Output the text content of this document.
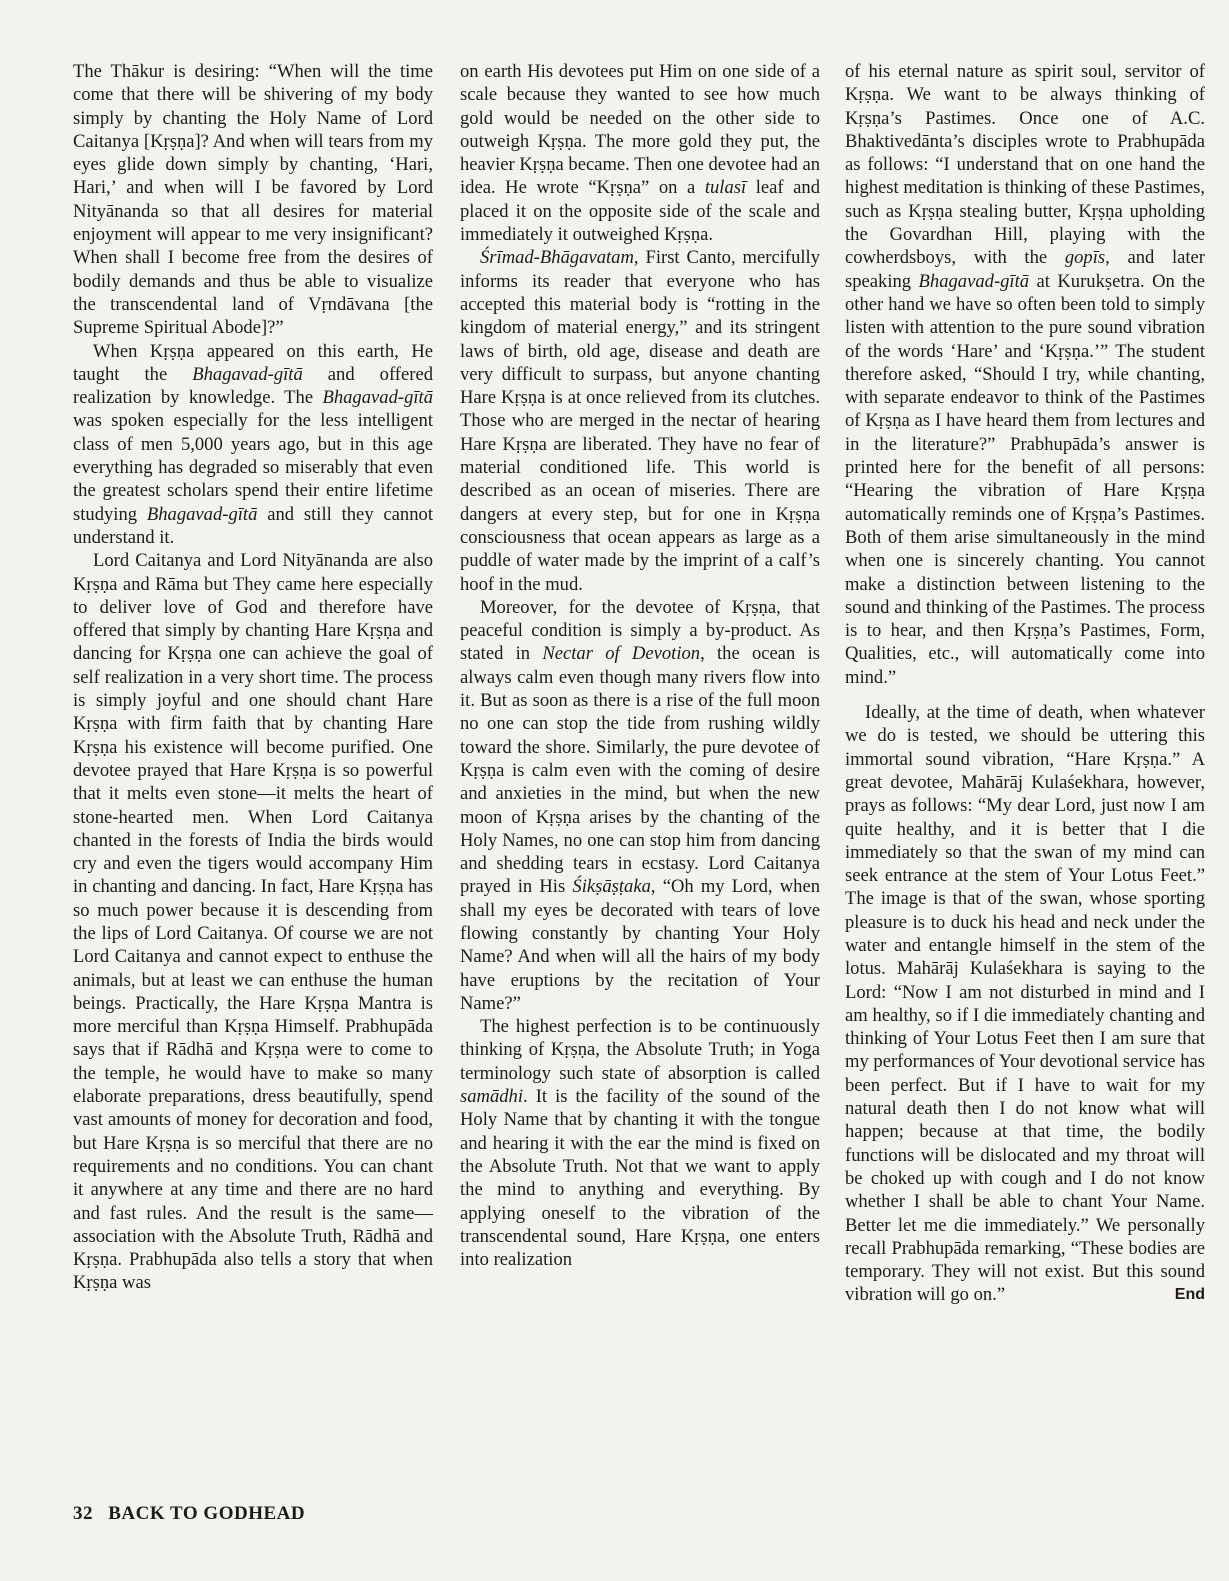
The Thākur is desiring: “When will the time come that there will be shivering of my body simply by chanting the Holy Name of Lord Caitanya [Kṛṣṇa]? And when will tears from my eyes glide down simply by chanting, ‘Hari, Hari,’ and when will I be favored by Lord Nityānanda so that all desires for material enjoyment will appear to me very insignificant? When shall I become free from the desires of bodily demands and thus be able to visualize the transcendental land of Vṛndāvana [the Supreme Spiritual Abode]?”

When Kṛṣṇa appeared on this earth, He taught the Bhagavad-gītā and offered realization by knowledge. The Bhagavad-gītā was spoken especially for the less intelligent class of men 5,000 years ago, but in this age everything has degraded so miserably that even the greatest scholars spend their entire lifetime studying Bhagavad-gītā and still they cannot understand it.

Lord Caitanya and Lord Nityānanda are also Kṛṣṇa and Rāma but They came here especially to deliver love of God and therefore have offered that simply by chanting Hare Kṛṣṇa and dancing for Kṛṣṇa one can achieve the goal of self realization in a very short time. The process is simply joyful and one should chant Hare Kṛṣṇa with firm faith that by chanting Hare Kṛṣṇa his existence will become purified. One devotee prayed that Hare Kṛṣṇa is so powerful that it melts even stone—it melts the heart of stone-hearted men. When Lord Caitanya chanted in the forests of India the birds would cry and even the tigers would accompany Him in chanting and dancing. In fact, Hare Kṛṣṇa has so much power because it is descending from the lips of Lord Caitanya. Of course we are not Lord Caitanya and cannot expect to enthuse the animals, but at least we can enthuse the human beings. Practically, the Hare Kṛṣṇa Mantra is more merciful than Kṛṣṇa Himself. Prabhupāda says that if Rādhā and Kṛṣṇa were to come to the temple, he would have to make so many elaborate preparations, dress beautifully, spend vast amounts of money for decoration and food, but Hare Kṛṣṇa is so merciful that there are no requirements and no conditions. You can chant it anywhere at any time and there are no hard and fast rules. And the result is the same—association with the Absolute Truth, Rādhā and Kṛṣṇa. Prabhupāda also tells a story that when Kṛṣṇa was

on earth His devotees put Him on one side of a scale because they wanted to see how much gold would be needed on the other side to outweigh Kṛṣṇa. The more gold they put, the heavier Kṛṣṇa became. Then one devotee had an idea. He wrote “Kṛṣṇa” on a tulasī leaf and placed it on the opposite side of the scale and immediately it outweighed Kṛṣṇa.

Śrīmad-Bhāgavatam, First Canto, mercifully informs its reader that everyone who has accepted this material body is “rotting in the kingdom of material energy,” and its stringent laws of birth, old age, disease and death are very difficult to surpass, but anyone chanting Hare Kṛṣṇa is at once relieved from its clutches. Those who are merged in the nectar of hearing Hare Kṛṣṇa are liberated. They have no fear of material conditioned life. This world is described as an ocean of miseries. There are dangers at every step, but for one in Kṛṣṇa consciousness that ocean appears as large as a puddle of water made by the imprint of a calf’s hoof in the mud.

Moreover, for the devotee of Kṛṣṇa, that peaceful condition is simply a by-product. As stated in Nectar of Devotion, the ocean is always calm even though many rivers flow into it. But as soon as there is a rise of the full moon no one can stop the tide from rushing wildly toward the shore. Similarly, the pure devotee of Kṛṣṇa is calm even with the coming of desire and anxieties in the mind, but when the new moon of Kṛṣṇa arises by the chanting of the Holy Names, no one can stop him from dancing and shedding tears in ecstasy. Lord Caitanya prayed in His Śikṣāṣṭaka, “Oh my Lord, when shall my eyes be decorated with tears of love flowing constantly by chanting Your Holy Name? And when will all the hairs of my body have eruptions by the recitation of Your Name?”

The highest perfection is to be continuously thinking of Kṛṣṇa, the Absolute Truth; in Yoga terminology such state of absorption is called samādhi. It is the facility of the sound of the Holy Name that by chanting it with the tongue and hearing it with the ear the mind is fixed on the Absolute Truth. Not that we want to apply the mind to anything and everything. By applying oneself to the vibration of the transcendental sound, Hare Kṛṣṇa, one enters into realization

of his eternal nature as spirit soul, servitor of Kṛṣṇa. We want to be always thinking of Kṛṣṇa’s Pastimes. Once one of A.C. Bhaktivedānta’s disciples wrote to Prabhupāda as follows: “I understand that on one hand the highest meditation is thinking of these Pastimes, such as Kṛṣṇa stealing butter, Kṛṣṇa upholding the Govardhan Hill, playing with the cowherdsboys, with the gopīs, and later speaking Bhagavad-gītā at Kurukṣetra. On the other hand we have so often been told to simply listen with attention to the pure sound vibration of the words ‘Hare’ and ‘Kṛṣṇa.’” The student therefore asked, “Should I try, while chanting, with separate endeavor to think of the Pastimes of Kṛṣṇa as I have heard them from lectures and in the literature?” Prabhupāda’s answer is printed here for the benefit of all persons: “Hearing the vibration of Hare Kṛṣṇa automatically reminds one of Kṛṣṇa’s Pastimes. Both of them arise simultaneously in the mind when one is sincerely chanting. You cannot make a distinction between listening to the sound and thinking of the Pastimes. The process is to hear, and then Kṛṣṇa’s Pastimes, Form, Qualities, etc., will automatically come into mind.”

Ideally, at the time of death, when whatever we do is tested, we should be uttering this immortal sound vibration, “Hare Kṛṣṇa.” A great devotee, Mahārāj Kulaśekhara, however, prays as follows: “My dear Lord, just now I am quite healthy, and it is better that I die immediately so that the swan of my mind can seek entrance at the stem of Your Lotus Feet.” The image is that of the swan, whose sporting pleasure is to duck his head and neck under the water and entangle himself in the stem of the lotus. Mahārāj Kulaśekhara is saying to the Lord: “Now I am not disturbed in mind and I am healthy, so if I die immediately chanting and thinking of Your Lotus Feet then I am sure that my performances of Your devotional service has been perfect. But if I have to wait for my natural death then I do not know what will happen; because at that time, the bodily functions will be dislocated and my throat will be choked up with cough and I do not know whether I shall be able to chant Your Name. Better let me die immediately.” We personally recall Prabhupāda remarking, “These bodies are temporary. They will not exist. But this sound vibration will go on.”	End

32 BACK TO GODHEAD
